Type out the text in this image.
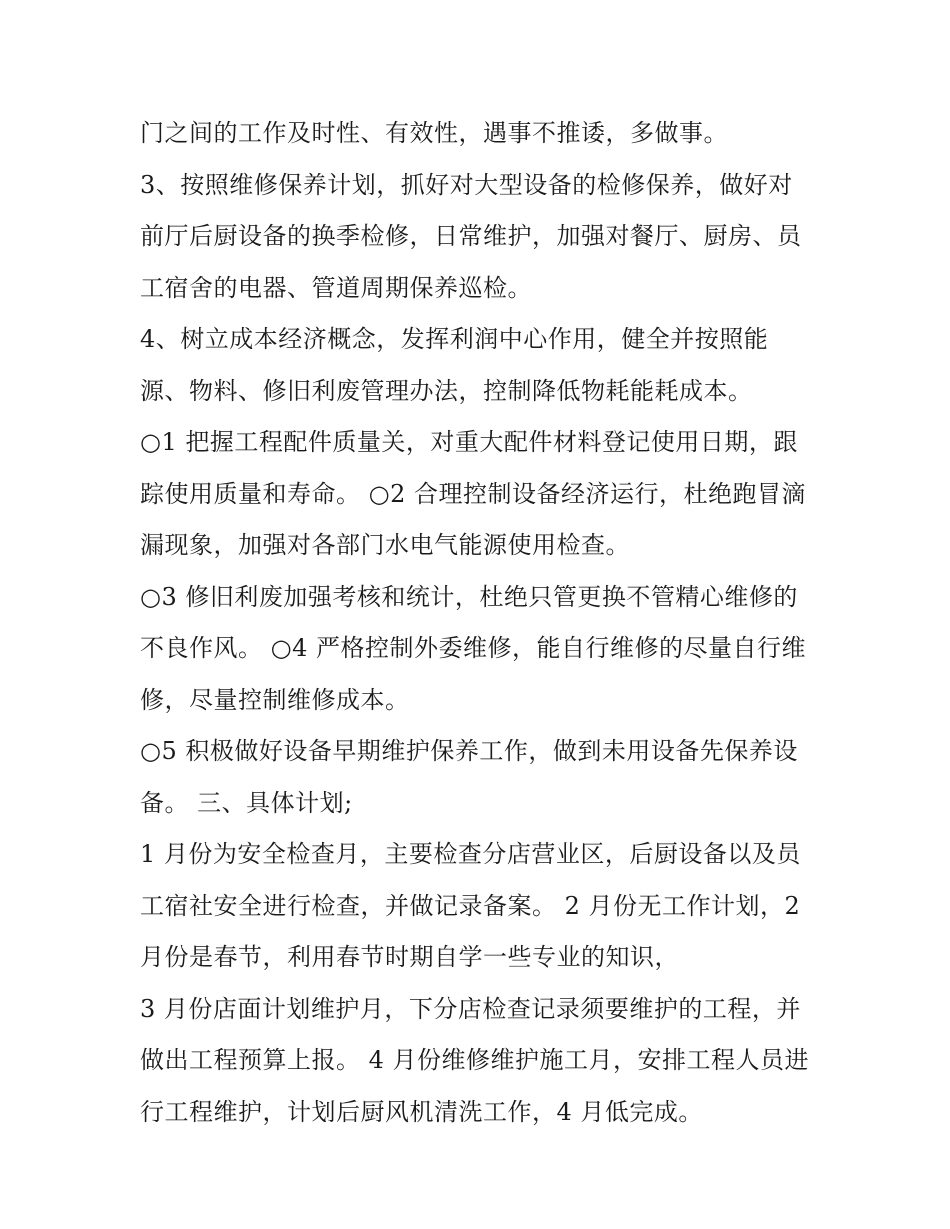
门之间的工作及时性、有效性，遇事不推诿，多做事。
3、按照维修保养计划，抓好对大型设备的检修保养，做好对
前厅后厨设备的换季检修，日常维护，加强对餐厅、厨房、员
工宿舍的电器、管道周期保养巡检。
4、树立成本经济概念，发挥利润中心作用，健全并按照能
源、物料、修旧利废管理办法，控制降低物耗能耗成本。
○1 把握工程配件质量关，对重大配件材料登记使用日期，跟
踪使用质量和寿命。 ○2 合理控制设备经济运行，杜绝跑冒滴
漏现象，加强对各部门水电气能源使用检查。
○3 修旧利废加强考核和统计，杜绝只管更换不管精心维修的
不良作风。 ○4 严格控制外委维修，能自行维修的尽量自行维
修，尽量控制维修成本。
○5 积极做好设备早期维护保养工作，做到未用设备先保养设
备。 三、具体计划;
1 月份为安全检查月，主要检查分店营业区，后厨设备以及员
工宿社安全进行检查，并做记录备案。 2 月份无工作计划，2
月份是春节，利用春节时期自学一些专业的知识，
3 月份店面计划维护月，下分店检查记录须要维护的工程，并
做出工程预算上报。 4 月份维修维护施工月，安排工程人员进
行工程维护，计划后厨风机清洗工作，4 月低完成。
